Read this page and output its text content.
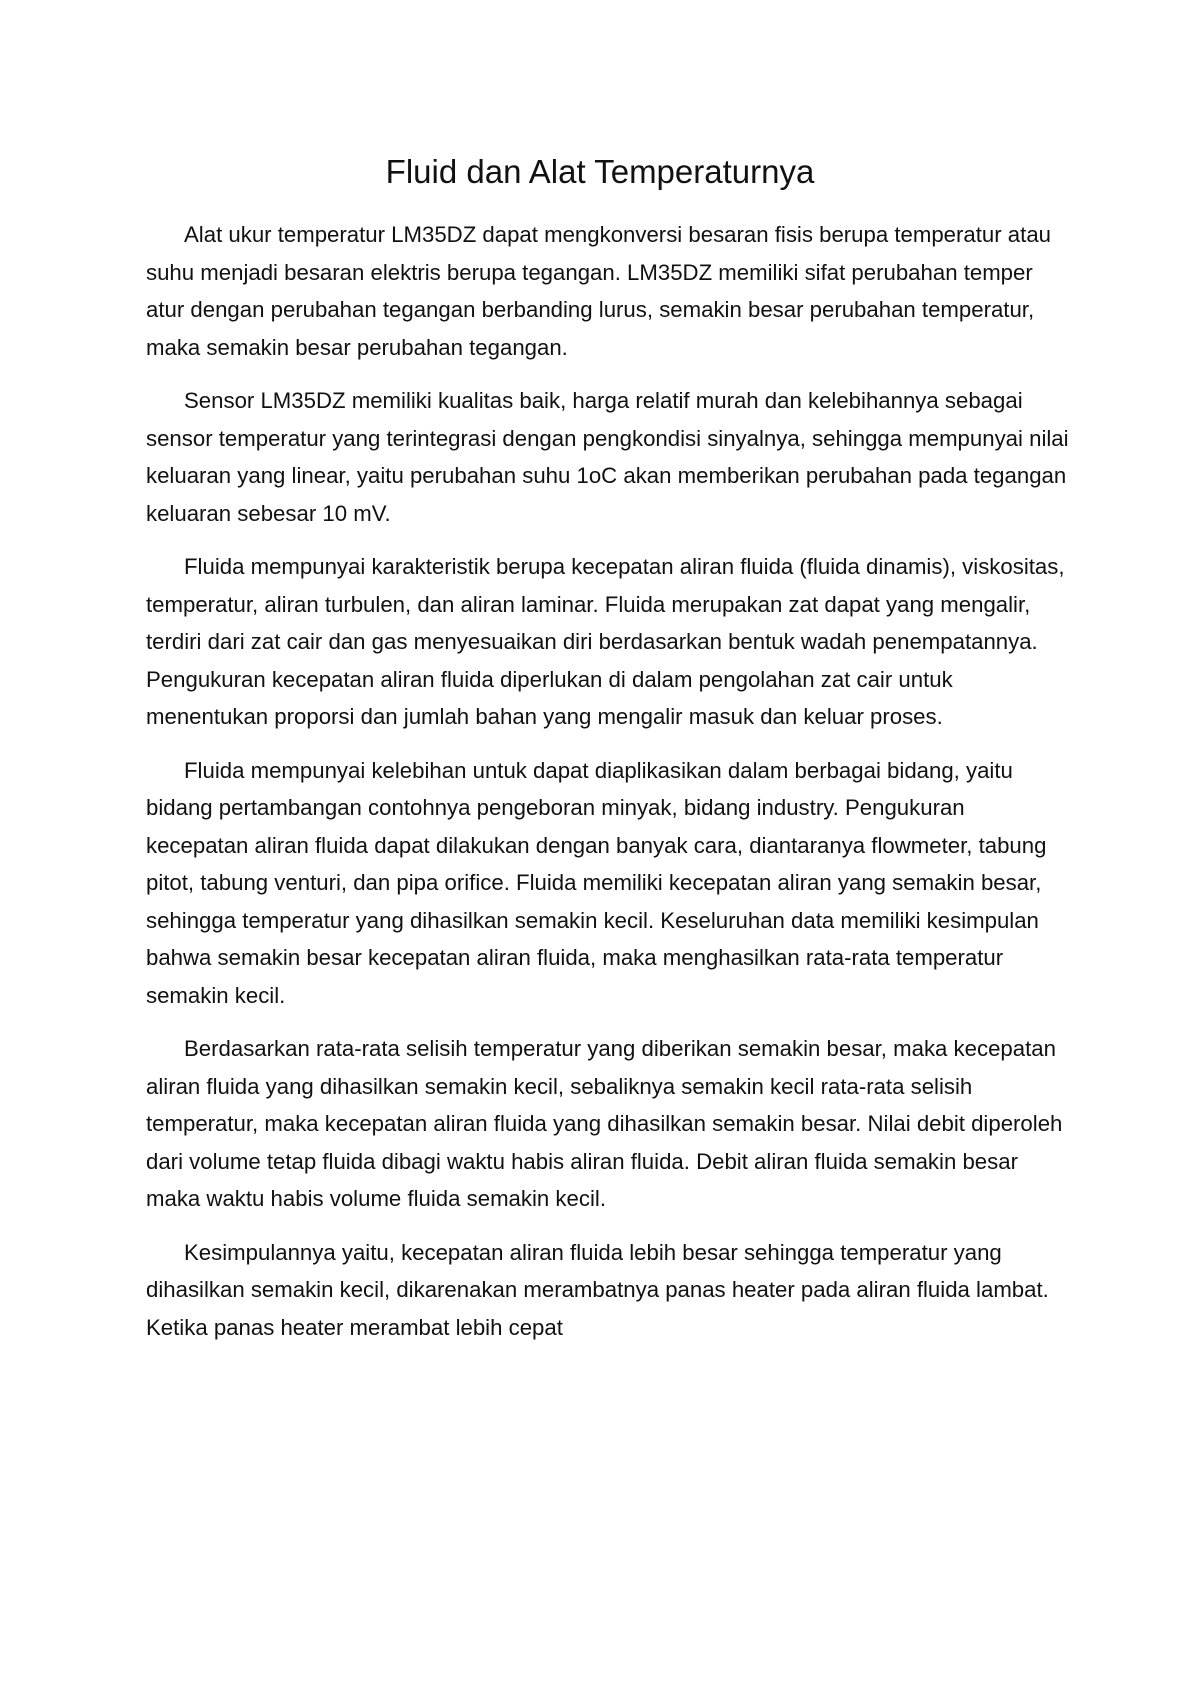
Fluid dan Alat Temperaturnya

Alat ukur temperatur LM35DZ dapat mengkonversi besaran fisis berupa temperatur atau suhu menjadi besaran elektris berupa tegangan. LM35DZ memiliki sifat perubahan temper atur dengan perubahan tegangan berbanding lurus, semakin besar perubahan temperatur, maka semakin besar perubahan tegangan.

Sensor LM35DZ memiliki kualitas baik, harga relatif murah dan kelebihannya sebagai sensor temperatur yang terintegrasi dengan pengkondisi sinyalnya, sehingga mempunyai nilai keluaran yang linear, yaitu perubahan suhu 1oC akan memberikan perubahan pada tegangan keluaran sebesar 10 mV.

Fluida mempunyai karakteristik berupa kecepatan aliran fluida (fluida dinamis), viskositas, temperatur, aliran turbulen, dan aliran laminar. Fluida merupakan zat dapat yang mengalir, terdiri dari zat cair dan gas menyesuaikan diri berdasarkan bentuk wadah penempatannya. Pengukuran kecepatan aliran fluida diperlukan di dalam pengolahan zat cair untuk menentukan proporsi dan jumlah bahan yang mengalir masuk dan keluar proses.

Fluida mempunyai kelebihan untuk dapat diaplikasikan dalam berbagai bidang, yaitu bidang pertambangan contohnya pengeboran minyak, bidang industry. Pengukuran kecepatan aliran fluida dapat dilakukan dengan banyak cara, diantaranya flowmeter, tabung pitot, tabung venturi, dan pipa orifice. Fluida memiliki kecepatan aliran yang semakin besar, sehingga temperatur yang dihasilkan semakin kecil. Keseluruhan data memiliki kesimpulan bahwa semakin besar kecepatan aliran fluida, maka menghasilkan rata-rata temperatur semakin kecil.

Berdasarkan rata-rata selisih temperatur yang diberikan semakin besar, maka kecepatan aliran fluida yang dihasilkan semakin kecil, sebaliknya semakin kecil rata-rata selisih temperatur, maka kecepatan aliran fluida yang dihasilkan semakin besar. Nilai debit diperoleh dari volume tetap fluida dibagi waktu habis aliran fluida. Debit aliran fluida semakin besar maka waktu habis volume fluida semakin kecil.

Kesimpulannya yaitu, kecepatan aliran fluida lebih besar sehingga temperatur yang dihasilkan semakin kecil, dikarenakan merambatnya panas heater pada aliran fluida lambat. Ketika panas heater merambat lebih cepat
